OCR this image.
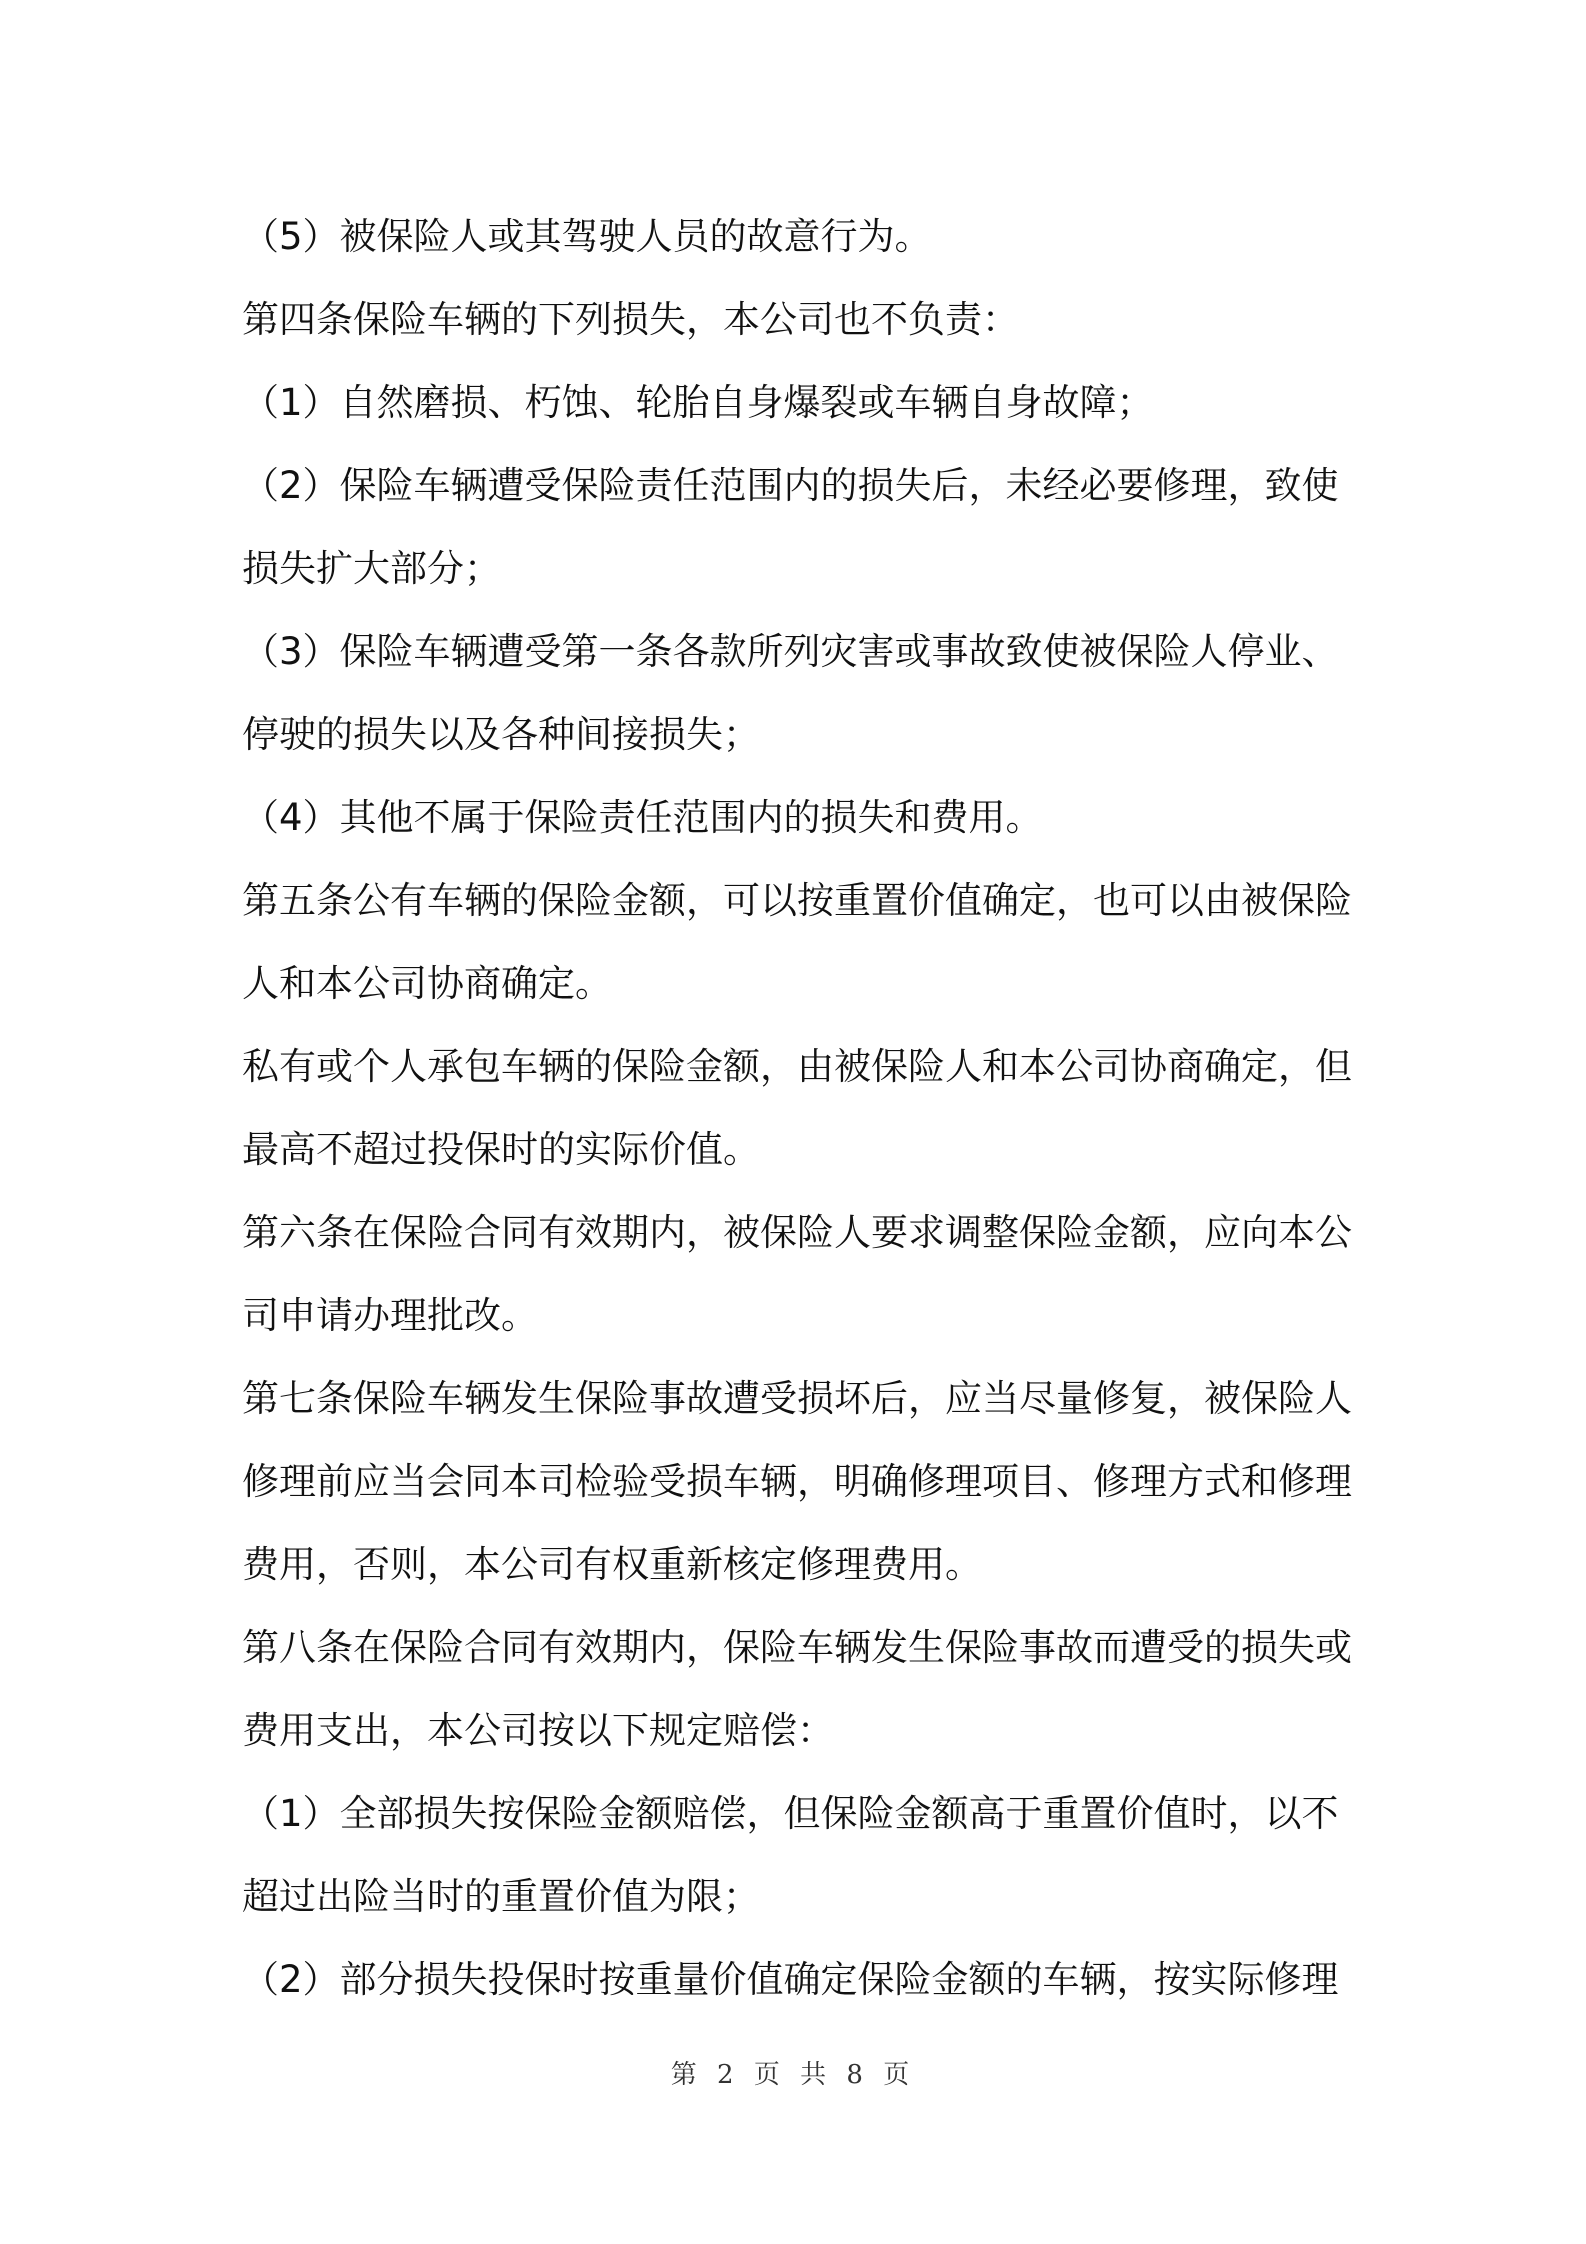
（5）被保险人或其驾驶人员的故意行为。
第四条保险车辆的下列损失，本公司也不负责：
（1）自然磨损、朽蚀、轮胎自身爆裂或车辆自身故障；
（2）保险车辆遭受保险责任范围内的损失后，未经必要修理，致使
损失扩大部分；
（3）保险车辆遭受第一条各款所列灾害或事故致使被保险人停业、
停驶的损失以及各种间接损失；
（4）其他不属于保险责任范围内的损失和费用。
第五条公有车辆的保险金额，可以按重置价值确定，也可以由被保险
人和本公司协商确定。
私有或个人承包车辆的保险金额，由被保险人和本公司协商确定，但
最高不超过投保时的实际价值。
第六条在保险合同有效期内，被保险人要求调整保险金额，应向本公
司申请办理批改。
第七条保险车辆发生保险事故遭受损坏后，应当尽量修复，被保险人
修理前应当会同本司检验受损车辆，明确修理项目、修理方式和修理
费用，否则，本公司有权重新核定修理费用。
第八条在保险合同有效期内，保险车辆发生保险事故而遭受的损失或
费用支出，本公司按以下规定赔偿：
（1）全部损失按保险金额赔偿，但保险金额高于重置价值时，以不
超过出险当时的重置价值为限；
（2）部分损失投保时按重量价值确定保险金额的车辆，按实际修理
第 2 页 共 8 页
